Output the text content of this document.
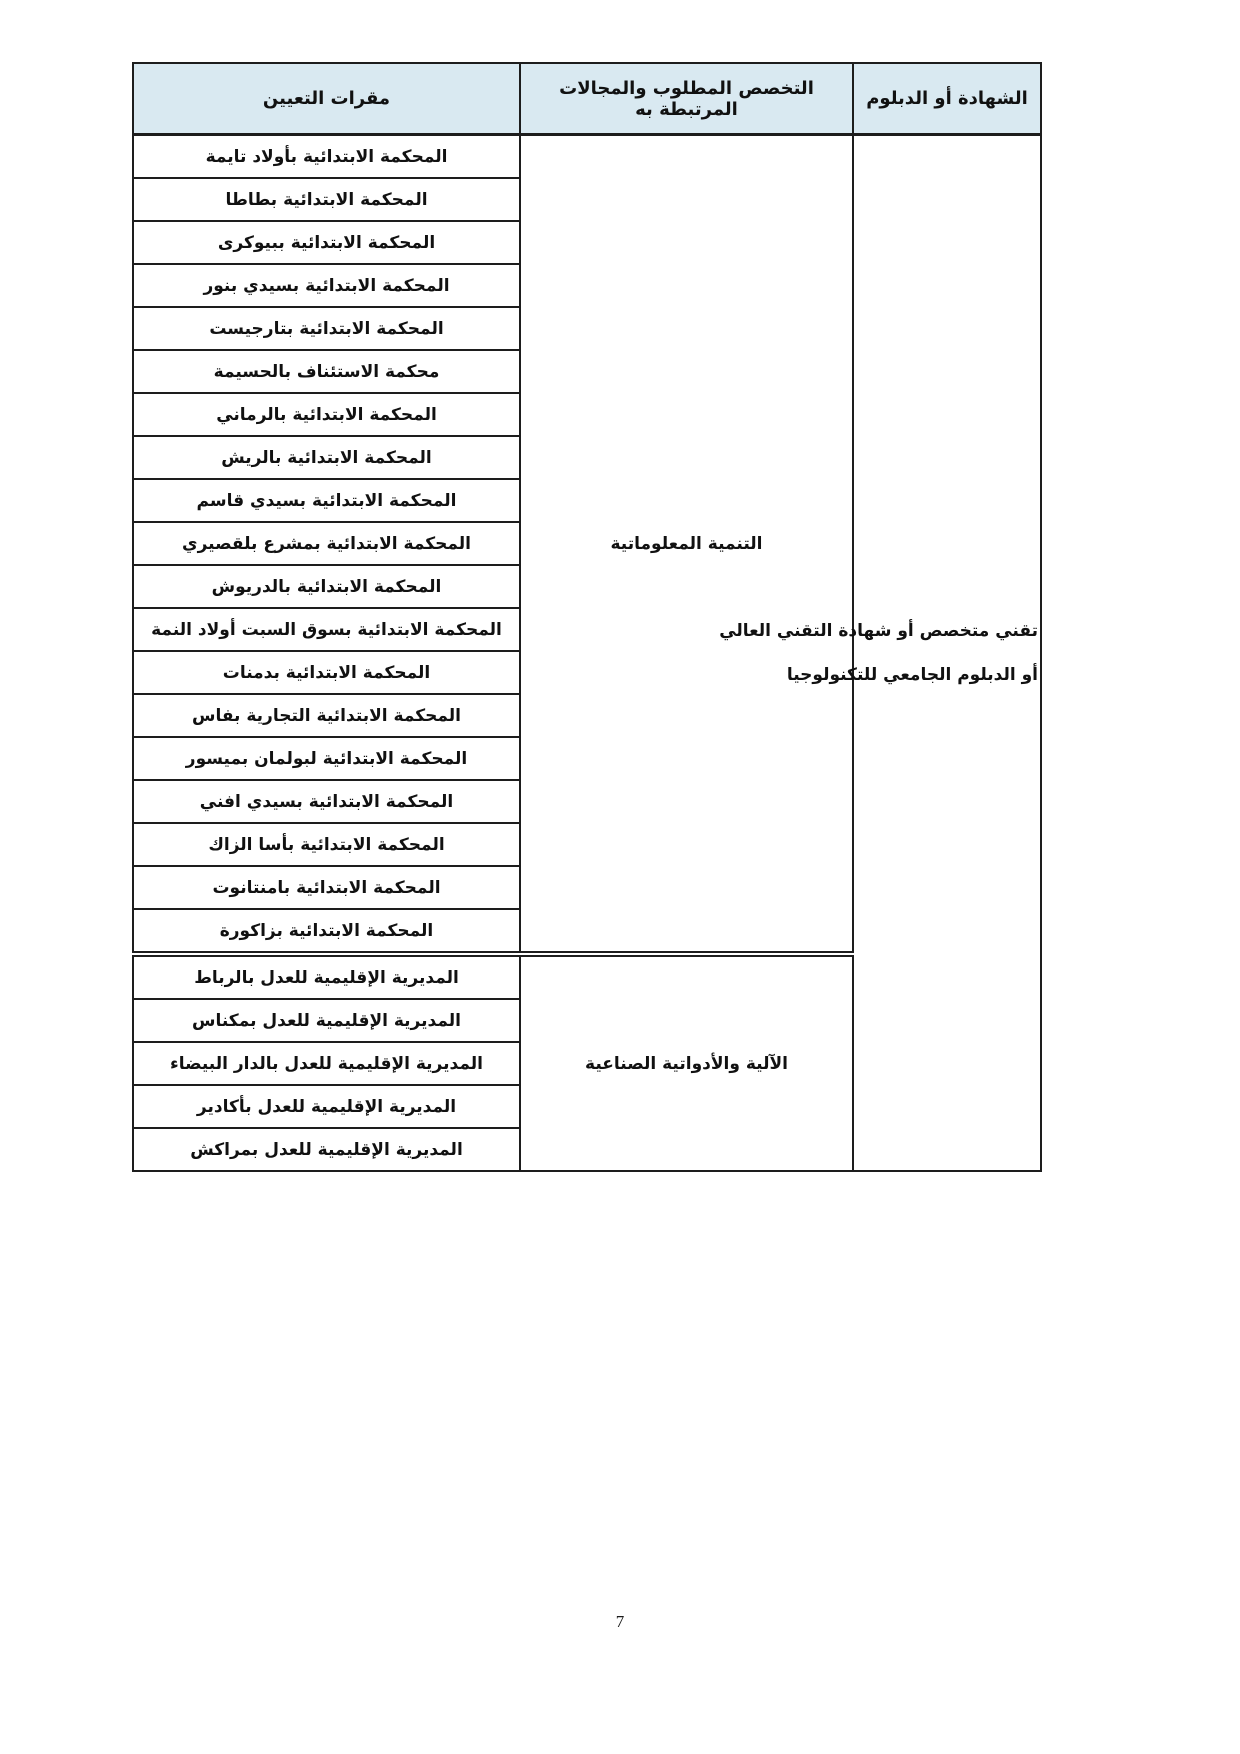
الشهادة أو الدبلوم	التخصص المطلوب والمجالات المرتبطة به	مقرات التعيين

تقني متخصص أو شهادة التقني العالي
أو الدبلوم الجامعي للتكنولوجيا	التنمية المعلوماتية	المحكمة الابتدائية بأولاد تايمة
		المحكمة الابتدائية بطاطا
		المحكمة الابتدائية ببيوكرى
		المحكمة الابتدائية بسيدي بنور
		المحكمة الابتدائية بتارجيست
		محكمة الاستئناف بالحسيمة
		المحكمة الابتدائية بالرماني
		المحكمة الابتدائية بالريش
		المحكمة الابتدائية بسيدي قاسم
		المحكمة الابتدائية بمشرع بلقصيري
		المحكمة الابتدائية بالدريوش
		المحكمة الابتدائية بسوق السبت أولاد النمة
		المحكمة الابتدائية بدمنات
		المحكمة الابتدائية التجارية بفاس
		المحكمة الابتدائية لبولمان بميسور
		المحكمة الابتدائية بسيدي افني
		المحكمة الابتدائية بأسا الزاك
		المحكمة الابتدائية بامنتانوت
		المحكمة الابتدائية بزاكورة
	الآلية والأدواتية الصناعية	المديرية الإقليمية للعدل بالرباط
		المديرية الإقليمية للعدل بمكناس
		المديرية الإقليمية للعدل بالدار البيضاء
		المديرية الإقليمية للعدل بأكادير
		المديرية الإقليمية للعدل بمراكش
7
